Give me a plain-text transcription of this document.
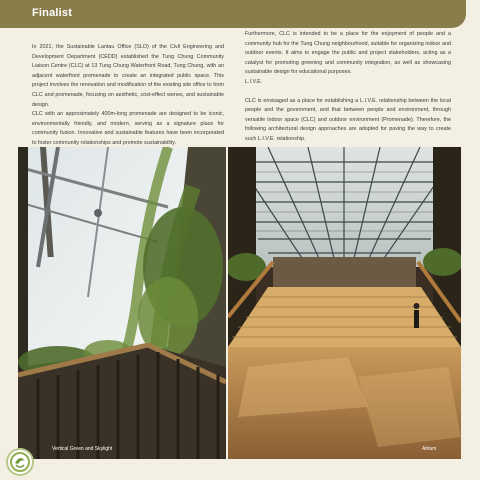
Finalist

In 2021, the Sustainable Lantau Office (SLO) of the Civil Engineering and Development Department (CEDD) established the Tung Chung Community Liaison Centre (CLC) at 13 Tung Chung Waterfront Road, Tung Chung, with an adjacent waterfront promenade to create an integrated public space. This project involves the renovation and modification of the existing site office to form CLC and promenade, focusing on aesthetic, cost-effect wenes, and sustainable design.

CLC with an approximately 400m-long promenade are designed to be iconic, environmentally friendly, and modern, serving as a signature place for community fusion. Innovative and sustainable features have been incorporated to foster community relationships and promote sustainability.

Furthermore, CLC is intended to be a place for the enjoyment of people and a community hub for the Tung Chung neighbourhood, suitable for organizing indoor and outdoor events. It aims to engage the public and project stakeholders, acting as a catalyst for promoting greening and community integration, as well as showcasing sustainable design for educational purposes.

L.I.V.E.

CLC is envisaged as a place for establishing a L.I.V.E. relationship between the local people and the government, and that between people and environment, through versatile indoor space (CLC) and outdoor environment (Promenade). Therefore, the following architectural design approaches are adopted for paving the way to create such L.I.V.E. relationship.

Vertical Green and Skylight	Atrium
